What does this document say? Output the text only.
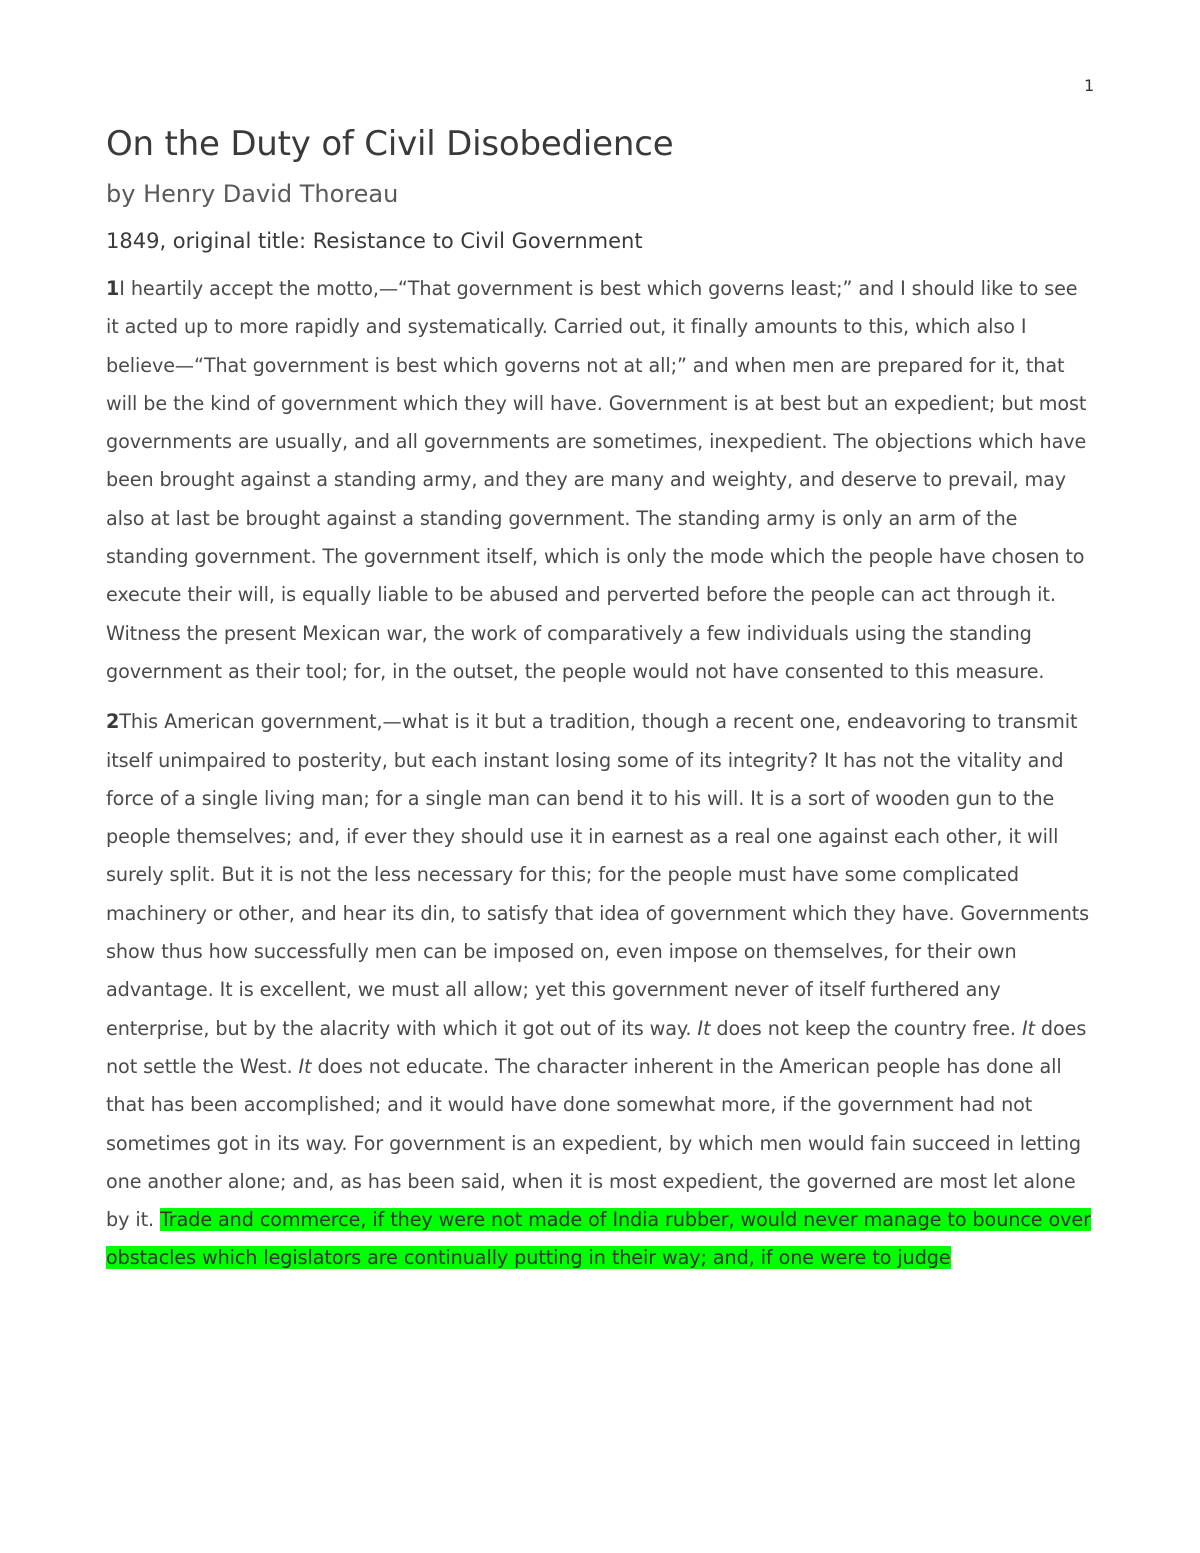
1
On the Duty of Civil Disobedience
by Henry David Thoreau
1849, original title: Resistance to Civil Government

1I heartily accept the motto,—“That government is best which governs least;” and I should like to see it acted up to more rapidly and systematically. Carried out, it finally amounts to this, which also I believe—“That government is best which governs not at all;” and when men are prepared for it, that will be the kind of government which they will have. Government is at best but an expedient; but most governments are usually, and all governments are sometimes, inexpedient. The objections which have been brought against a standing army, and they are many and weighty, and deserve to prevail, may also at last be brought against a standing government. The standing army is only an arm of the standing government. The government itself, which is only the mode which the people have chosen to execute their will, is equally liable to be abused and perverted before the people can act through it. Witness the present Mexican war, the work of comparatively a few individuals using the standing government as their tool; for, in the outset, the people would not have consented to this measure.

2This American government,—what is it but a tradition, though a recent one, endeavoring to transmit itself unimpaired to posterity, but each instant losing some of its integrity? It has not the vitality and force of a single living man; for a single man can bend it to his will. It is a sort of wooden gun to the people themselves; and, if ever they should use it in earnest as a real one against each other, it will surely split. But it is not the less necessary for this; for the people must have some complicated machinery or other, and hear its din, to satisfy that idea of government which they have. Governments show thus how successfully men can be imposed on, even impose on themselves, for their own advantage. It is excellent, we must all allow; yet this government never of itself furthered any enterprise, but by the alacrity with which it got out of its way. It does not keep the country free. It does not settle the West. It does not educate. The character inherent in the American people has done all that has been accomplished; and it would have done somewhat more, if the government had not sometimes got in its way. For government is an expedient, by which men would fain succeed in letting one another alone; and, as has been said, when it is most expedient, the governed are most let alone by it. Trade and commerce, if they were not made of India rubber, would never manage to bounce over obstacles which legislators are continually putting in their way; and, if one were to judge
